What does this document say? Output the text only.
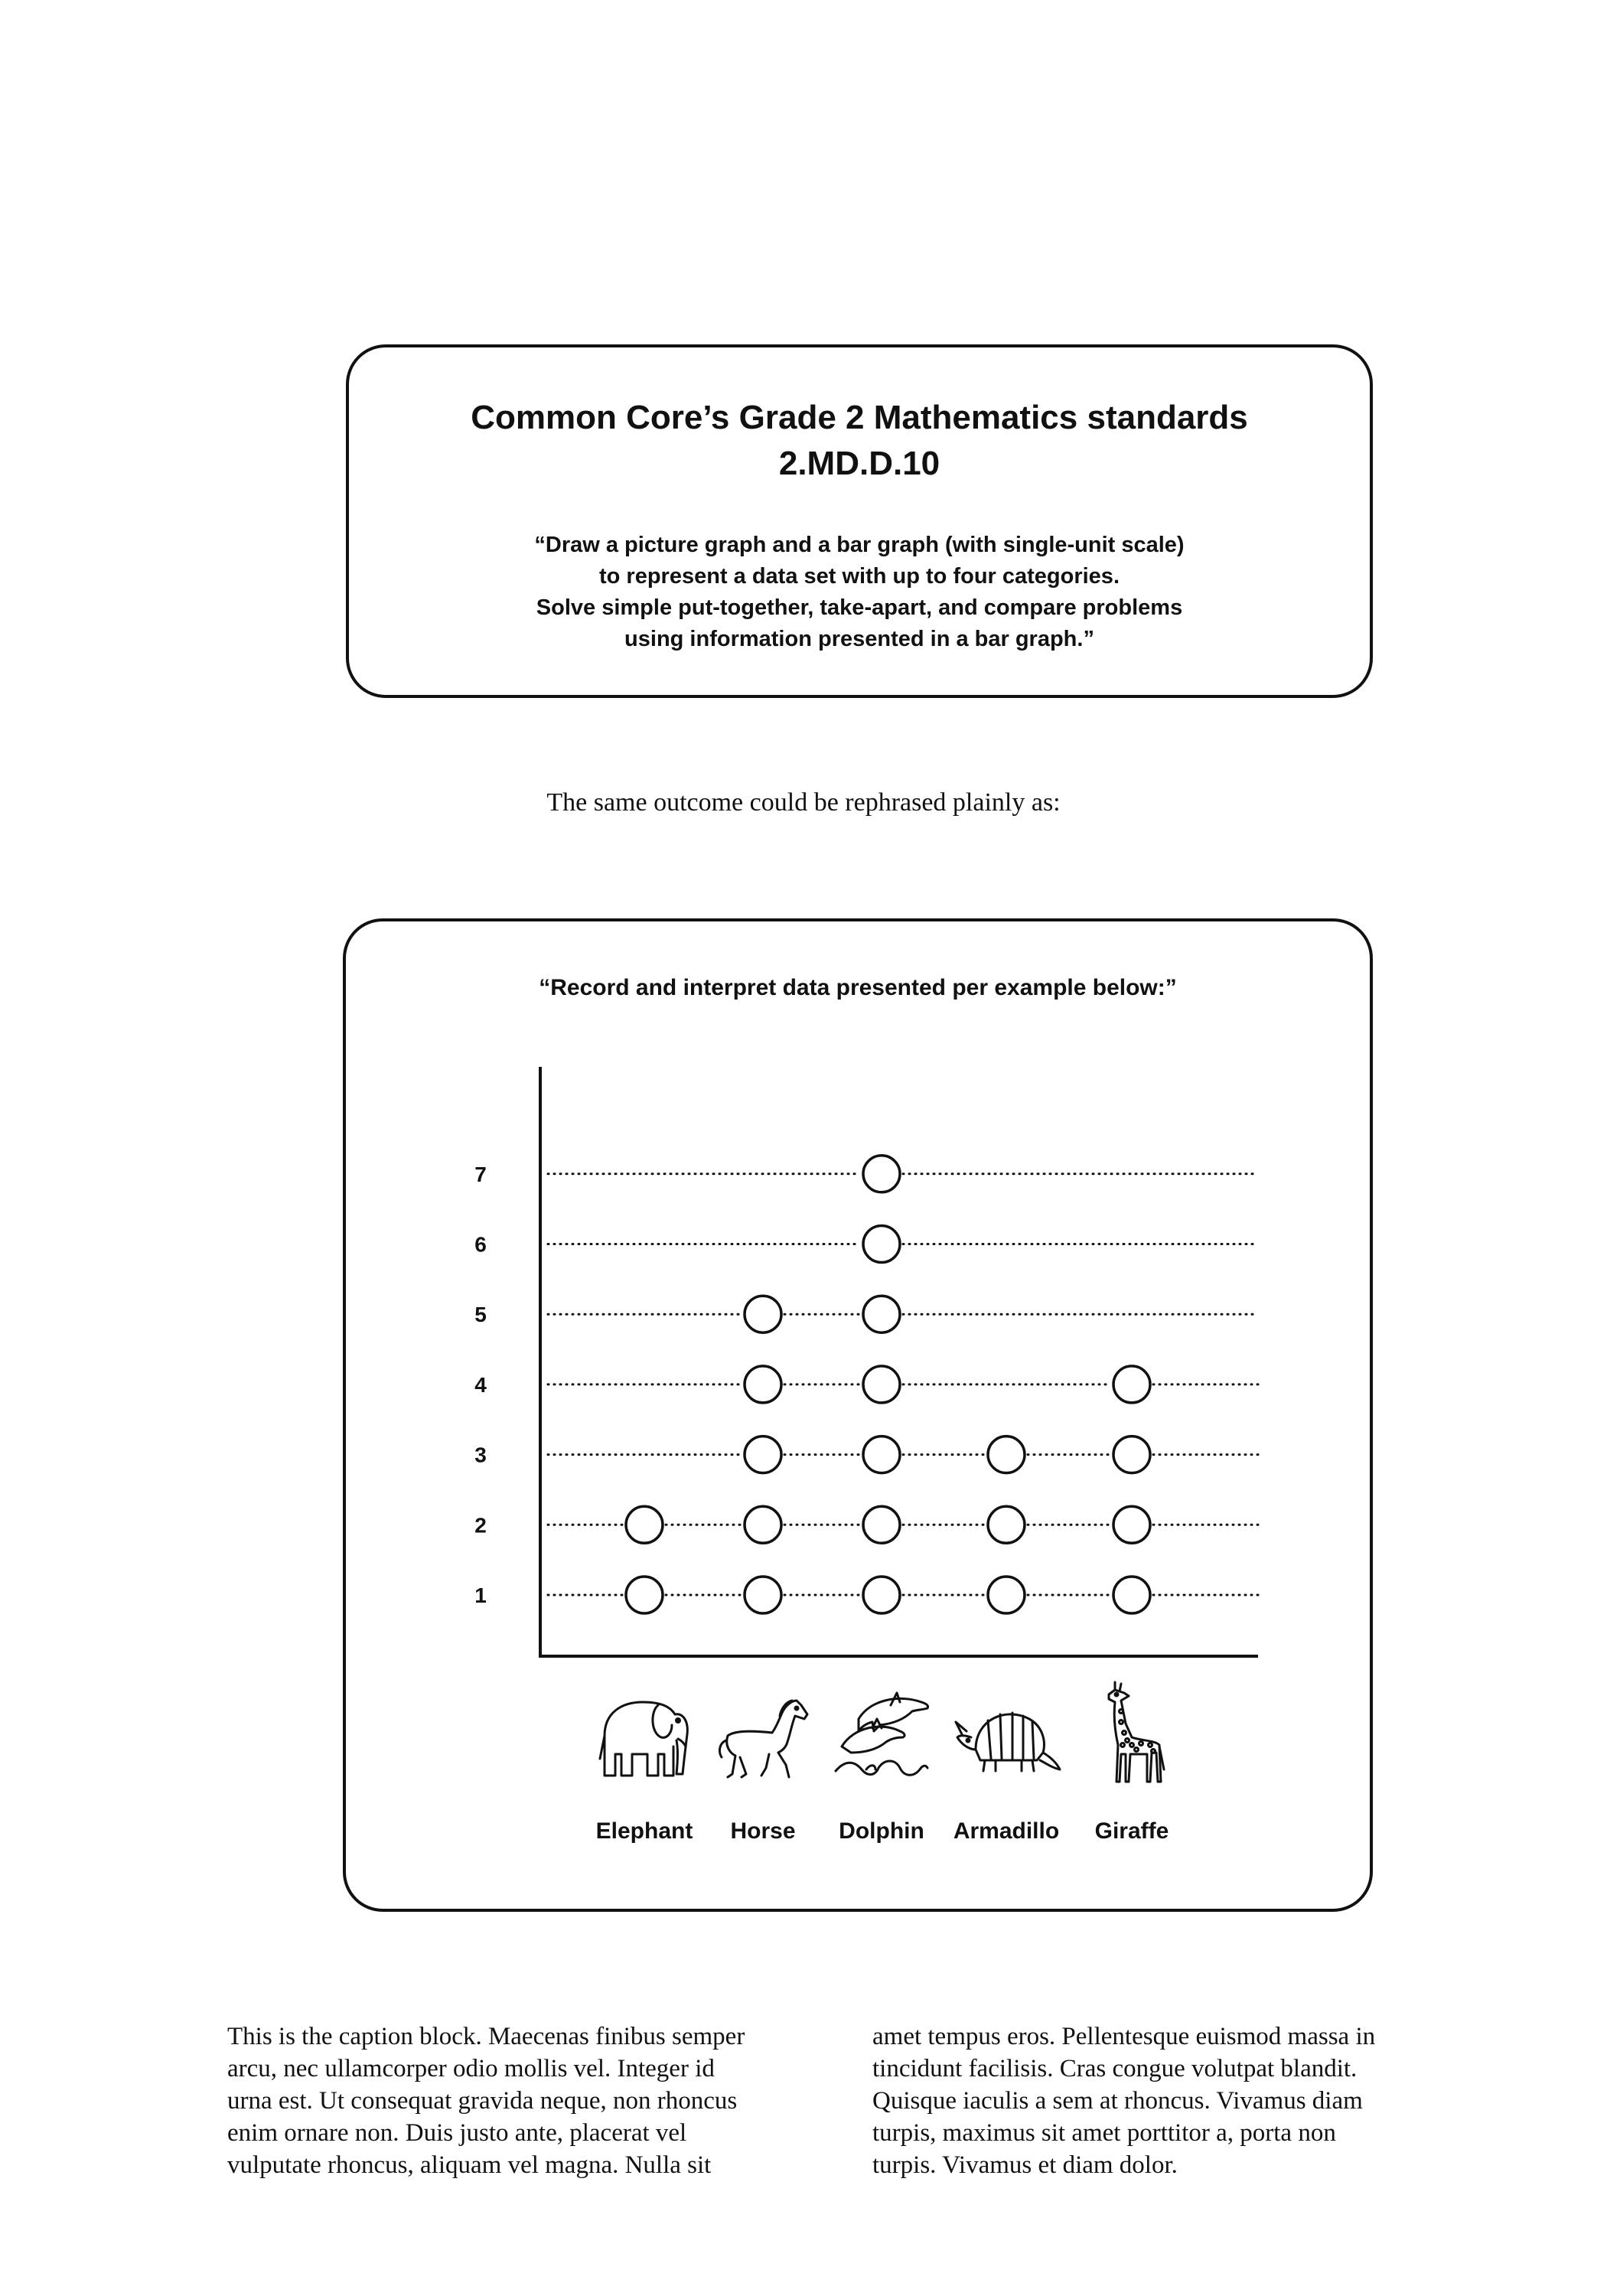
Common Core’s Grade 2 Mathematics standards
2.MD.D.10
“Draw a picture graph and a bar graph (with single-unit scale)
to represent a data set with up to four categories.
Solve simple put-together, take-apart, and compare problems
using information presented in a bar graph.”
The same outcome could be rephrased plainly as:
“Record and interpret data presented per example below:”
1
2
3
4
5
6
7
Elephant Horse Dolphin Armadillo Giraffe
This is the caption block. Maecenas finibus semper
arcu, nec ullamcorper odio mollis vel. Integer id
urna est. Ut consequat gravida neque, non rhoncus
enim ornare non. Duis justo ante, placerat vel
vulputate rhoncus, aliquam vel magna. Nulla sit
amet tempus eros. Pellentesque euismod massa in
tincidunt facilisis. Cras congue volutpat blandit.
Quisque iaculis a sem at rhoncus. Vivamus diam
turpis, maximus sit amet porttitor a, porta non
turpis. Vivamus et diam dolor.
